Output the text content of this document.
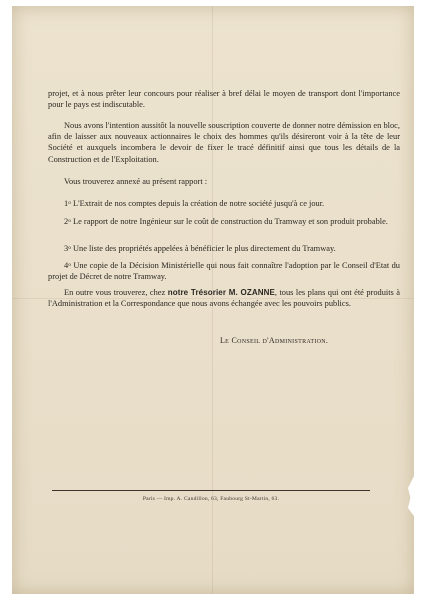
projet, et à nous prêter leur concours pour réaliser à bref délai le moyen de transport dont l'importance pour le pays est indiscutable.

Nous avons l'intention aussitôt la nouvelle souscription couverte de donner notre démission en bloc, afin de laisser aux nouveaux actionnaires le choix des hommes qu'ils désireront voir à la tête de leur Société et auxquels incombera le devoir de fixer le tracé définitif ainsi que tous les détails de la Construction et de l'Exploitation.

Vous trouverez annexé au présent rapport :

1$^o$ L'Extrait de nos comptes depuis la création de notre société jusqu'à ce jour.

2$^o$ Le rapport de notre Ingénieur sur le coût de construction du Tramway et son produit probable.

3$^o$ Une liste des propriétés appelées à bénéficier le plus directement du Tramway.

4$^o$ Une copie de la Décision Ministérielle qui nous fait connaître l'adoption par le Conseil d'Etat du projet de Décret de notre Tramway.

En outre vous trouverez, chez notre Trésorier M. OZANNE, tous les plans qui ont été produits à l'Administration et la Correspondance que nous avons échangée avec les pouvoirs publics.

Le Conseil d'Administration.
Paris — Imp. A. Candillon, 63, Faubourg St-Martin, 63.
